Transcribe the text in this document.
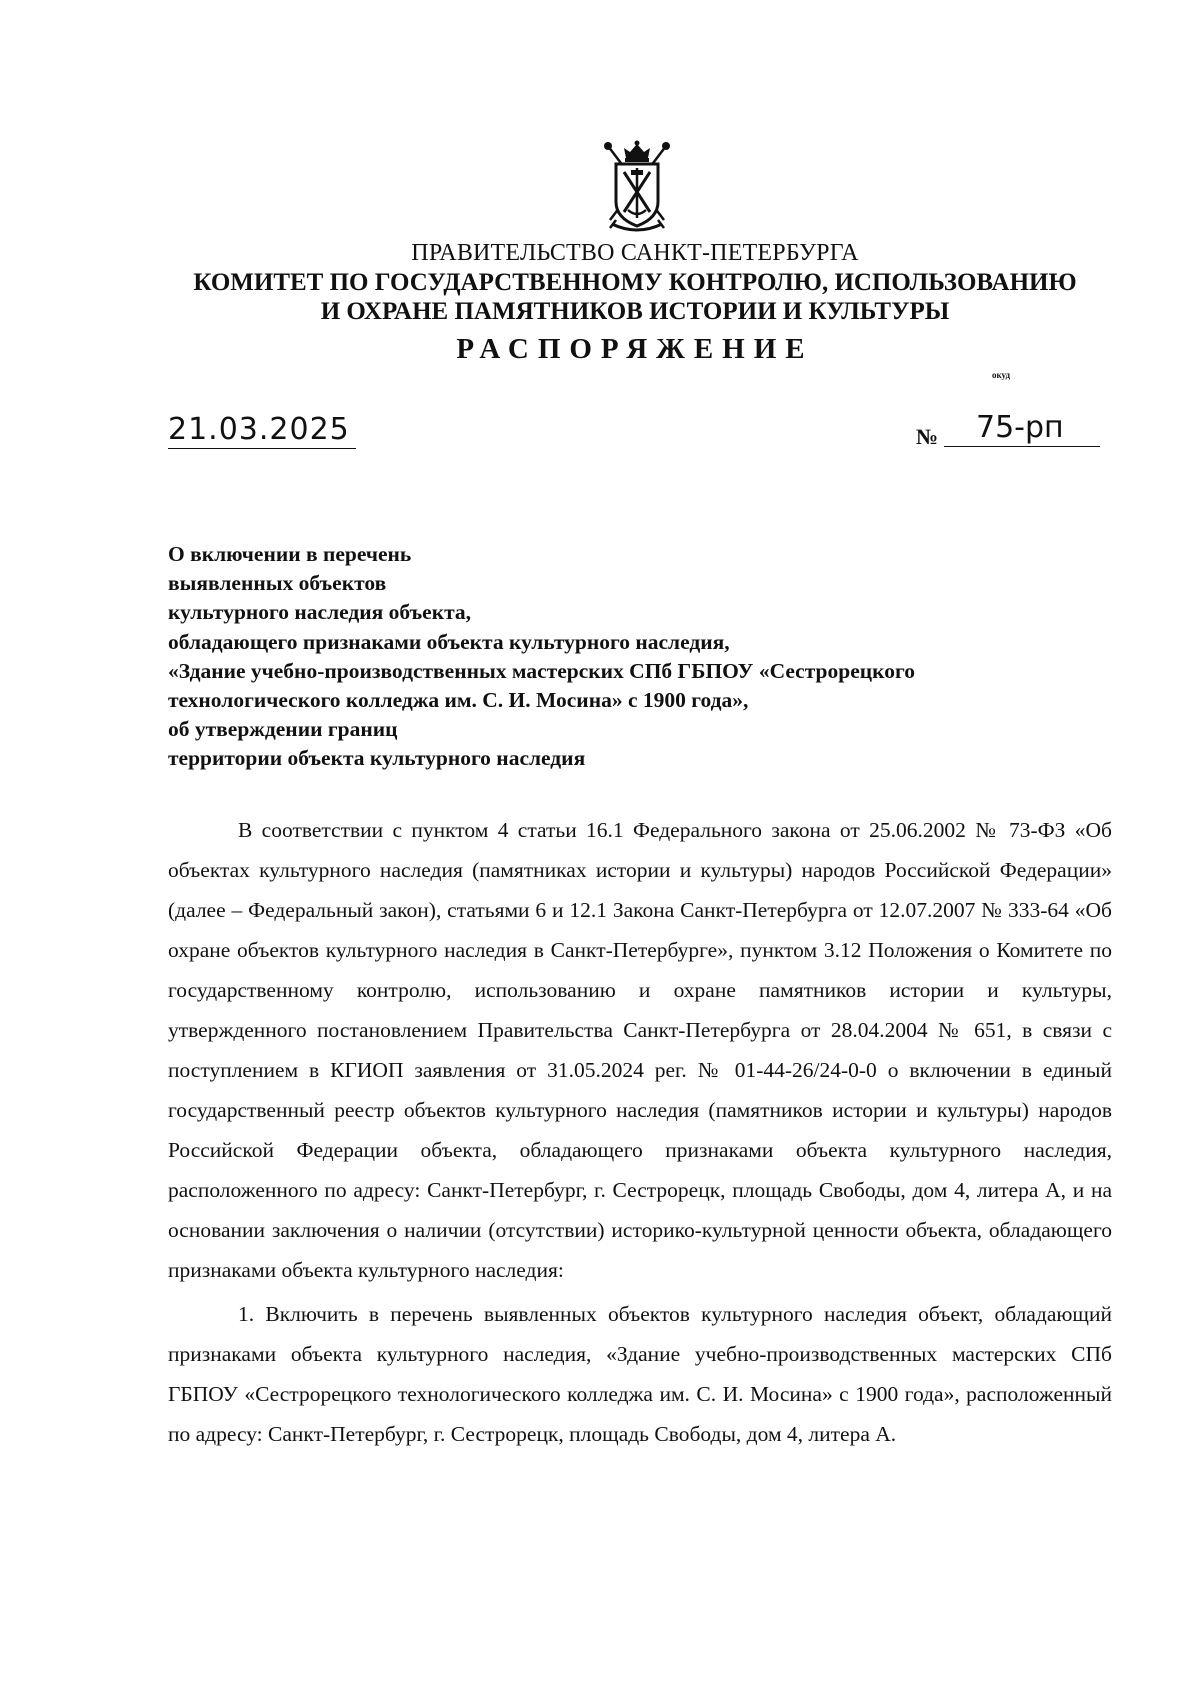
ПРАВИТЕЛЬСТВО САНКТ-ПЕТЕРБУРГА
КОМИТЕТ ПО ГОСУДАРСТВЕННОМУ КОНТРОЛЮ, ИСПОЛЬЗОВАНИЮ
И ОХРАНЕ ПАМЯТНИКОВ ИСТОРИИ И КУЛЬТУРЫ
РАСПОРЯЖЕНИЕ
окуд
21.03.2025	№	75-рп
О включении в перечень
выявленных объектов
культурного наследия объекта,
обладающего признаками объекта культурного наследия,
«Здание учебно-производственных мастерских СПб ГБПОУ «Сестрорецкого
технологического колледжа им. С. И. Мосина» с 1900 года»,
об утверждении границ
территории объекта культурного наследия

В соответствии с пунктом 4 статьи 16.1 Федерального закона от 25.06.2002 № 73-ФЗ «Об объектах культурного наследия (памятниках истории и культуры) народов Российской Федерации» (далее – Федеральный закон), статьями 6 и 12.1 Закона Санкт-Петербурга от 12.07.2007 № 333-64 «Об охране объектов культурного наследия в Санкт-Петербурге», пунктом 3.12 Положения о Комитете по государственному контролю, использованию и охране памятников истории и культуры, утвержденного постановлением Правительства Санкт-Петербурга от 28.04.2004 № 651, в связи с поступлением в КГИОП заявления от 31.05.2024 рег. № 01-44-26/24-0-0 о включении в единый государственный реестр объектов культурного наследия (памятников истории и культуры) народов Российской Федерации объекта, обладающего признаками объекта культурного наследия, расположенного по адресу: Санкт-Петербург, г. Сестрорецк, площадь Свободы, дом 4, литера А, и на основании заключения о наличии (отсутствии) историко-культурной ценности объекта, обладающего признаками объекта культурного наследия:

1. Включить в перечень выявленных объектов культурного наследия объект, обладающий признаками объекта культурного наследия, «Здание учебно-производственных мастерских СПб ГБПОУ «Сестрорецкого технологического колледжа им. С. И. Мосина» с 1900 года», расположенный по адресу: Санкт-Петербург, г. Сестрорецк, площадь Свободы, дом 4, литера А.
